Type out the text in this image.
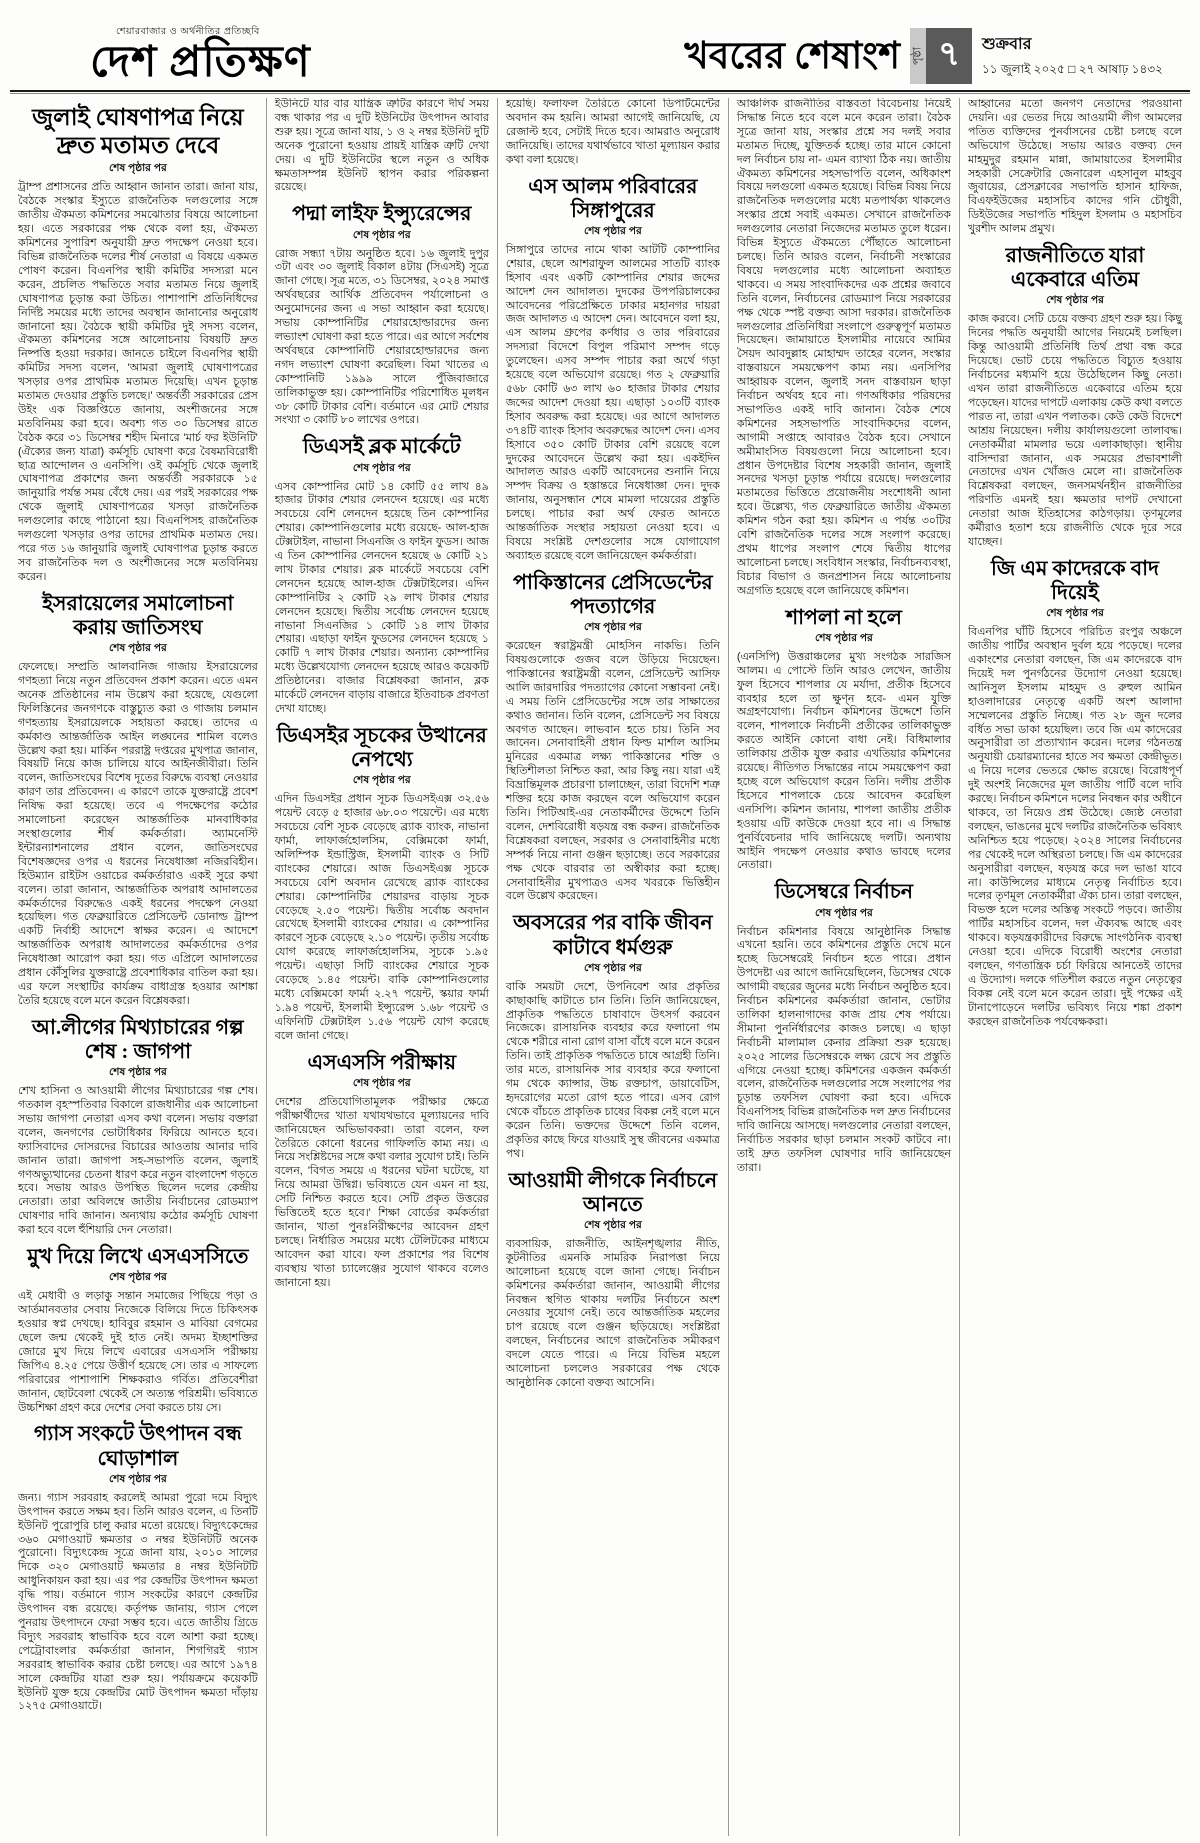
শেয়ারবাজার ও অর্থনীতির প্রতিচ্ছবি
দেশ প্রতিক্ষণ	খবরের শেষাংশ পৃষ্ঠা ৭	শুক্রবার
১১ জুলাই ২০২৫ □ ২৭ আষাঢ় ১৪৩২
জুলাই ঘোষণাপত্র নিয়ে দ্রুত মতামত দেবে
শেষ পৃষ্ঠার পর

ট্রাম্প প্রশাসনের প্রতি আহ্বান জানান তারা। জানা যায়, বৈঠকে সংস্কার ইস্যুতে রাজনৈতিক দলগুলোর সঙ্গে জাতীয় ঐকমত্য কমিশনের সমঝোতার বিষয়ে আলোচনা হয়। এতে সরকারের পক্ষ থেকে বলা হয়, ঐকমত্য কমিশনের সুপারিশ অনুযায়ী দ্রুত পদক্ষেপ নেওয়া হবে। বিভিন্ন রাজনৈতিক দলের শীর্ষ নেতারা এ বিষয়ে একমত পোষণ করেন। বিএনপির স্থায়ী কমিটির সদস্যরা মনে করেন, প্রচলিত পদ্ধতিতে সবার মতামত নিয়ে জুলাই ঘোষণাপত্র চূড়ান্ত করা উচিত। পাশাপাশি প্রতিনিধিদের নির্দিষ্ট সময়ের মধ্যে তাদের অবস্থান জানানোর অনুরোধ জানানো হয়। বৈঠকে স্থায়ী কমিটির দুই সদস্য বলেন, ঐকমত্য কমিশনের সঙ্গে আলোচনায় বিষয়টি দ্রুত নিষ্পত্তি হওয়া দরকার। জানতে চাইলে বিএনপির স্থায়ী কমিটির সদস্য বলেন, 'আমরা জুলাই ঘোষণাপত্রের খসড়ার ওপর প্রাথমিক মতামত দিয়েছি। এখন চূড়ান্ত মতামত দেওয়ার প্রস্তুতি চলছে।' অন্তর্বর্তী সরকারের প্রেস উইং এক বিজ্ঞপ্তিতে জানায়, অংশীজনের সঙ্গে মতবিনিময় করা হবে। অবশ্য গত ৩০ ডিসেম্বর রাতে বৈঠক করে ৩১ ডিসেম্বর শহীদ মিনারে 'মার্চ ফর ইউনিটি' (ঐক্যের জন্য যাত্রা) কর্মসূচি ঘোষণা করে বৈষম্যবিরোধী ছাত্র আন্দোলন ও এনসিপি। ওই কর্মসূচি থেকে জুলাই ঘোষণাপত্র প্রকাশের জন্য অন্তর্বর্তী সরকারকে ১৫ জানুয়ারি পর্যন্ত সময় বেঁধে দেয়। এর পরই সরকারের পক্ষ থেকে জুলাই ঘোষণাপত্রের খসড়া রাজনৈতিক দলগুলোর কাছে পাঠানো হয়। বিএনপিসহ রাজনৈতিক দলগুলো খসড়ার ওপর তাদের প্রাথমিক মতামত দেয়। পরে গত ১৬ জানুয়ারি জুলাই ঘোষণাপত্র চূড়ান্ত করতে সব রাজনৈতিক দল ও অংশীজনের সঙ্গে মতবিনিময় করেন।

ইসরায়েলের সমালোচনা করায় জাতিসংঘ
শেষ পৃষ্ঠার পর

ফেলেছে। সম্প্রতি আলবানিজ গাজায় ইসরায়েলের গণহত্যা নিয়ে নতুন প্রতিবেদন প্রকাশ করেন। এতে এমন অনেক প্রতিষ্ঠানের নাম উল্লেখ করা হয়েছে, যেগুলো ফিলিস্তিনের জনগণকে বাস্তুচ্যুত করা ও গাজায় চলমান গণহত্যায় ইসরায়েলকে সহায়তা করছে। তাদের এ কর্মকাণ্ড আন্তর্জাতিক আইন লঙ্ঘনের শামিল বলেও উল্লেখ করা হয়। মার্কিন পররাষ্ট্র দপ্তরের মুখপাত্র জানান, বিষয়টি নিয়ে কাজ চালিয়ে যাবে আইনজীবীরা। তিনি বলেন, জাতিসংঘের বিশেষ দূতের বিরুদ্ধে ব্যবস্থা নেওয়ার কারণ তার প্রতিবেদন। এ কারণে তাকে যুক্তরাষ্ট্রে প্রবেশ নিষিদ্ধ করা হয়েছে। তবে এ পদক্ষেপের কঠোর সমালোচনা করেছেন আন্তর্জাতিক মানবাধিকার সংস্থাগুলোর শীর্ষ কর্মকর্তারা। অ্যামনেস্টি ইন্টারন্যাশনালের প্রধান বলেন, জাতিসংঘের বিশেষজ্ঞদের ওপর এ ধরনের নিষেধাজ্ঞা নজিরবিহীন। হিউম্যান রাইটস ওয়াচের কর্মকর্তারাও একই সুরে কথা বলেন। তারা জানান, আন্তর্জাতিক অপরাধ আদালতের কর্মকর্তাদের বিরুদ্ধেও একই ধরনের পদক্ষেপ নেওয়া হয়েছিল। গত ফেব্রুয়ারিতে প্রেসিডেন্ট ডোনাল্ড ট্রাম্প একটি নির্বাহী আদেশে স্বাক্ষর করেন। এ আদেশে আন্তর্জাতিক অপরাধ আদালতের কর্মকর্তাদের ওপর নিষেধাজ্ঞা আরোপ করা হয়। গত এপ্রিলে আদালতের প্রধান কৌঁসুলির যুক্তরাষ্ট্রে প্রবেশাধিকার বাতিল করা হয়। এর ফলে সংস্থাটির কার্যক্রম বাধাগ্রস্ত হওয়ার আশঙ্কা তৈরি হয়েছে বলে মনে করেন বিশ্লেষকরা।

আ.লীগের মিথ্যাচারের গল্প শেষ : জাগপা
শেষ পৃষ্ঠার পর

শেখ হাসিনা ও আওয়ামী লীগের মিথ্যাচারের গল্প শেষ। গতকাল বৃহস্পতিবার বিকালে রাজধানীর এক আলোচনা সভায় জাগপা নেতারা এসব কথা বলেন। সভায় বক্তারা বলেন, জনগণের ভোটাধিকার ফিরিয়ে আনতে হবে। ফ্যাসিবাদের দোসরদের বিচারের আওতায় আনার দাবি জানান তারা। জাগপা সহ-সভাপতি বলেন, জুলাই গণঅভ্যুত্থানের চেতনা ধারণ করে নতুন বাংলাদেশ গড়তে হবে। সভায় আরও উপস্থিত ছিলেন দলের কেন্দ্রীয় নেতারা। তারা অবিলম্বে জাতীয় নির্বাচনের রোডম্যাপ ঘোষণার দাবি জানান। অন্যথায় কঠোর কর্মসূচি ঘোষণা করা হবে বলে হুঁশিয়ারি দেন নেতারা।

মুখ দিয়ে লিখে এসএসসিতে
শেষ পৃষ্ঠার পর

এই মেধাবী ও লড়াকু সন্তান সমাজের পিছিয়ে পড়া ও আর্তমানবতার সেবায় নিজেকে বিলিয়ে দিতে চিকিৎসক হওয়ার স্বপ্ন দেখছে। হাবিবুর রহমান ও মাবিয়া বেগমের ছেলে জন্ম থেকেই দুই হাত নেই। অদম্য ইচ্ছাশক্তির জোরে মুখ দিয়ে লিখে এবারের এসএসসি পরীক্ষায় জিপিএ ৪.২৫ পেয়ে উত্তীর্ণ হয়েছে সে। তার এ সাফল্যে পরিবারের পাশাপাশি শিক্ষকরাও গর্বিত। প্রতিবেশীরা জানান, ছোটবেলা থেকেই সে অত্যন্ত পরিশ্রমী। ভবিষ্যতে উচ্চশিক্ষা গ্রহণ করে দেশের সেবা করতে চায় সে।

গ্যাস সংকটে উৎপাদন বন্ধ ঘোড়াশাল
শেষ পৃষ্ঠার পর

জন্য। গ্যাস সরবরাহ করলেই আমরা পুরো দমে বিদ্যুৎ উৎপাদন করতে সক্ষম হব। তিনি আরও বলেন, এ তিনটি ইউনিট পুরোপুরি চালু করার মতো রয়েছে। বিদ্যুৎকেন্দ্রের ৩৬০ মেগাওয়াট ক্ষমতার ৩ নম্বর ইউনিটটি অনেক পুরোনো। বিদ্যুৎকেন্দ্র সূত্রে জানা যায়, ২০১০ সালের দিকে ৩২০ মেগাওয়াট ক্ষমতার ৪ নম্বর ইউনিটটি আধুনিকায়ন করা হয়। এর পর কেন্দ্রটির উৎপাদন ক্ষমতা বৃদ্ধি পায়। বর্তমানে গ্যাস সংকটের কারণে কেন্দ্রটির উৎপাদন বন্ধ রয়েছে। কর্তৃপক্ষ জানায়, গ্যাস পেলে পুনরায় উৎপাদনে ফেরা সম্ভব হবে। এতে জাতীয় গ্রিডে বিদ্যুৎ সরবরাহ স্বাভাবিক হবে বলে আশা করা হচ্ছে। পেট্রোবাংলার কর্মকর্তারা জানান, শিগগিরই গ্যাস সরবরাহ স্বাভাবিক করার চেষ্টা চলছে। এর আগে ১৯৭৪ সালে কেন্দ্রটির যাত্রা শুরু হয়। পর্যায়ক্রমে কয়েকটি ইউনিট যুক্ত হয়ে কেন্দ্রটির মোট উৎপাদন ক্ষমতা দাঁড়ায় ১২৭৫ মেগাওয়াটে।

ইউনিটে যার বার যান্ত্রিক ত্রুটির কারণে দীর্ঘ সময় বন্ধ থাকার পর এ দুটি ইউনিটের উৎপাদন আবার শুরু হয়। সূত্রে জানা যায়, ১ ও ২ নম্বর ইউনিট দুটি অনেক পুরোনো হওয়ায় প্রায়ই যান্ত্রিক ত্রুটি দেখা দেয়। এ দুটি ইউনিটের স্থলে নতুন ও অধিক ক্ষমতাসম্পন্ন ইউনিট স্থাপন করার পরিকল্পনা রয়েছে।

পদ্মা লাইফ ইন্স্যুরেন্সের
শেষ পৃষ্ঠার পর

রোজ সন্ধ্যা ৭টায় অনুষ্ঠিত হবে। ১৬ জুলাই দুপুর ৩টা এবং ৩০ জুলাই বিকাল ৪টায় (সিএসই) সূত্রে জানা গেছে। সূত্র মতে, ৩১ ডিসেম্বর, ২০২৪ সমাপ্ত অর্থবছরের আর্থিক প্রতিবেদন পর্যালোচনা ও অনুমোদনের জন্য এ সভা আহ্বান করা হয়েছে। সভায় কোম্পানিটির শেয়ারহোল্ডারদের জন্য লভ্যাংশ ঘোষণা করা হতে পারে। এর আগে সর্বশেষ অর্থবছরে কোম্পানিটি শেয়ারহোল্ডারদের জন্য নগদ লভ্যাংশ ঘোষণা করেছিল। বিমা খাতের এ কোম্পানিটি ১৯৯৯ সালে পুঁজিবাজারে তালিকাভুক্ত হয়। কোম্পানিটির পরিশোধিত মূলধন ৩৮ কোটি টাকার বেশি। বর্তমানে এর মোট শেয়ার সংখ্যা ৩ কোটি ৮০ লাখের ওপরে।

ডিএসই ব্লক মার্কেটে
শেষ পৃষ্ঠার পর

এসব কোম্পানির মোট ১৪ কোটি ৫৫ লাখ ৪৯ হাজার টাকার শেয়ার লেনদেন হয়েছে। এর মধ্যে সবচেয়ে বেশি লেনদেন হয়েছে তিন কোম্পানির শেয়ার। কোম্পানিগুলোর মধ্যে রয়েছে- আল-হাজ টেক্সটাইল, নাভানা সিএনজি ও ফাইন ফুডস। আজ এ তিন কোম্পানির লেনদেন হয়েছে ৬ কোটি ২১ লাখ টাকার শেয়ার। ব্লক মার্কেটে সবচেয়ে বেশি লেনদেন হয়েছে আল-হাজ টেক্সটাইলের। এদিন কোম্পানিটির ২ কোটি ২৯ লাখ টাকার শেয়ার লেনদেন হয়েছে। দ্বিতীয় সর্বোচ্চ লেনদেন হয়েছে নাভানা সিএনজির ১ কোটি ১৪ লাখ টাকার শেয়ার। এছাড়া ফাইন ফুডসের লেনদেন হয়েছে ১ কোটি ৭ লাখ টাকার শেয়ার। অন্যান্য কোম্পানির মধ্যে উল্লেখযোগ্য লেনদেন হয়েছে আরও কয়েকটি প্রতিষ্ঠানের। বাজার বিশ্লেষকরা জানান, ব্লক মার্কেটে লেনদেন বাড়ায় বাজারে ইতিবাচক প্রবণতা দেখা যাচ্ছে।

ডিএসইর সূচকের উত্থানের নেপথ্যে
শেষ পৃষ্ঠার পর

এদিন ডিএসইর প্রধান সূচক ডিএসইএক্স ৩২.৫৬ পয়েন্ট বেড়ে ৫ হাজার ৬৮.০৩ পয়েন্টে। এর মধ্যে সবচেয়ে বেশি সূচক বেড়েছে ব্র্যাক ব্যাংক, নাভানা ফার্মা, লাফার্জহোলসিম, বেক্সিমকো ফার্মা, অলিম্পিক ইন্ডাস্ট্রিজ, ইসলামী ব্যাংক ও সিটি ব্যাংকের শেয়ারে। আজ ডিএসইএক্স সূচকে সবচেয়ে বেশি অবদান রেখেছে ব্র্যাক ব্যাংকের শেয়ার। কোম্পানিটির শেয়ারদর বাড়ায় সূচক বেড়েছে ২.৫০ পয়েন্ট। দ্বিতীয় সর্বোচ্চ অবদান রেখেছে ইসলামী ব্যাংকের শেয়ার। এ কোম্পানির কারণে সূচক বেড়েছে ২.১০ পয়েন্ট। তৃতীয় সর্বোচ্চ যোগ করেছে লাফার্জহোলসিম, সূচকে ১.৯৫ পয়েন্ট। এছাড়া সিটি ব্যাংকের শেয়ারে সূচক বেড়েছে ১.৪৫ পয়েন্ট। বাকি কোম্পানিগুলোর মধ্যে বেক্সিমকো ফার্মা ২.২৭ পয়েন্ট, স্কয়ার ফার্মা ১.৯৪ পয়েন্ট, ইসলামী ইন্স্যুরেন্স ১.৬৮ পয়েন্ট ও এফিনিটি টেক্সটাইল ১.৫৬ পয়েন্ট যোগ করেছে বলে জানা গেছে।

এসএসসি পরীক্ষায়
শেষ পৃষ্ঠার পর

দেশের প্রতিযোগিতামূলক পরীক্ষার ক্ষেত্রে পরীক্ষার্থীদের খাতা যথাযথভাবে মূল্যায়নের দাবি জানিয়েছেন অভিভাবকরা। তারা বলেন, ফল তৈরিতে কোনো ধরনের গাফিলতি কাম্য নয়। এ নিয়ে সংশ্লিষ্টদের সঙ্গে কথা বলার সুযোগ চাই। তিনি বলেন, 'বিগত সময়ে এ ধরনের ঘটনা ঘটেছে, যা নিয়ে আমরা উদ্বিগ্ন। ভবিষ্যতে যেন এমন না হয়, সেটি নিশ্চিত করতে হবে। সেটি প্রকৃত উত্তরের ভিত্তিতেই হতে হবে।' শিক্ষা বোর্ডের কর্মকর্তারা জানান, খাতা পুনঃনিরীক্ষণের আবেদন গ্রহণ চলছে। নির্ধারিত সময়ের মধ্যে টেলিটকের মাধ্যমে আবেদন করা যাবে। ফল প্রকাশের পর বিশেষ ব্যবস্থায় খাতা চ্যালেঞ্জের সুযোগ থাকবে বলেও জানানো হয়।

হয়েছি। ফলাফল তৈরিতে কোনো ডিপার্টমেন্টের অবদান কম হয়নি। আমরা আগেই জানিয়েছি, যে রেজাল্ট হবে, সেটাই দিতে হবে। আমরাও অনুরোধ জানিয়েছি। তাদের যথার্থভাবে খাতা মূল্যায়ন করার কথা বলা হয়েছে।

এস আলম পরিবারের সিঙ্গাপুরের
শেষ পৃষ্ঠার পর

সিঙ্গাপুরে তাদের নামে থাকা আটটি কোম্পানির শেয়ার, ছেলে আশরাফুল আলমের সাতটি ব্যাংক হিসাব এবং একটি কোম্পানির শেয়ার জব্দের আদেশ দেন আদালত। দুদকের উপপরিচালকের আবেদনের পরিপ্রেক্ষিতে ঢাকার মহানগর দায়রা জজ আদালত এ আদেশ দেন। আবেদনে বলা হয়, এস আলম গ্রুপের কর্ণধার ও তার পরিবারের সদস্যরা বিদেশে বিপুল পরিমাণ সম্পদ গড়ে তুলেছেন। এসব সম্পদ পাচার করা অর্থে গড়া হয়েছে বলে অভিযোগ রয়েছে। গত ২ ফেব্রুয়ারি ৫৬৮ কোটি ৬৩ লাখ ৬০ হাজার টাকার শেয়ার জব্দের আদেশ দেওয়া হয়। এছাড়া ১০৩টি ব্যাংক হিসাব অবরুদ্ধ করা হয়েছে। এর আগে আদালত ৩৭৪টি ব্যাংক হিসাব অবরুদ্ধের আদেশ দেন। এসব হিসাবে ৩৫০ কোটি টাকার বেশি রয়েছে বলে দুদকের আবেদনে উল্লেখ করা হয়। একইদিন আদালত আরও একটি আবেদনের শুনানি নিয়ে সম্পদ বিক্রয় ও হস্তান্তরে নিষেধাজ্ঞা দেন। দুদক জানায়, অনুসন্ধান শেষে মামলা দায়েরের প্রস্তুতি চলছে। পাচার করা অর্থ ফেরত আনতে আন্তর্জাতিক সংস্থার সহায়তা নেওয়া হবে। এ বিষয়ে সংশ্লিষ্ট দেশগুলোর সঙ্গে যোগাযোগ অব্যাহত রয়েছে বলে জানিয়েছেন কর্মকর্তারা।

পাকিস্তানের প্রেসিডেন্টের পদত্যাগের
শেষ পৃষ্ঠার পর

করেছেন স্বরাষ্ট্রমন্ত্রী মোহসিন নাকভি। তিনি বিষয়গুলোকে গুজব বলে উড়িয়ে দিয়েছেন। পাকিস্তানের স্বরাষ্ট্রমন্ত্রী বলেন, প্রেসিডেন্ট আসিফ আলি জারদারির পদত্যাগের কোনো সম্ভাবনা নেই। এ সময় তিনি প্রেসিডেন্টের সঙ্গে তার সাক্ষাতের কথাও জানান। তিনি বলেন, প্রেসিডেন্ট সব বিষয়ে অবগত আছেন। লাভবান হতে চায়। তিনি সব জানেন। সেনাবাহিনী প্রধান ফিল্ড মার্শাল আসিম মুনিরের একমাত্র লক্ষ্য পাকিস্তানের শক্তি ও স্থিতিশীলতা নিশ্চিত করা, আর কিছু নয়। যারা এই বিভ্রান্তিমূলক প্রচারণা চালাচ্ছেন, তারা বিদেশি শত্রু শক্তির হয়ে কাজ করছেন বলে অভিযোগ করেন তিনি। পিটিআই-এর নেতাকর্মীদের উদ্দেশে তিনি বলেন, দেশবিরোধী ষড়যন্ত্র বন্ধ করুন। রাজনৈতিক বিশ্লেষকরা বলছেন, সরকার ও সেনাবাহিনীর মধ্যে সম্পর্ক নিয়ে নানা গুঞ্জন ছড়াচ্ছে। তবে সরকারের পক্ষ থেকে বারবার তা অস্বীকার করা হচ্ছে। সেনাবাহিনীর মুখপাত্রও এসব খবরকে ভিত্তিহীন বলে উল্লেখ করেছেন।

অবসরের পর বাকি জীবন কাটাবে ধর্মগুরু
শেষ পৃষ্ঠার পর

বাকি সময়টা দেশে, উপনিবেশ আর প্রকৃতির কাছাকাছি কাটাতে চান তিনি। তিনি জানিয়েছেন, প্রাকৃতিক পদ্ধতিতে চাষাবাদে উৎসর্গ করবেন নিজেকে। রাসায়নিক ব্যবহার করে ফলানো গম থেকে শরীরে নানা রোগ বাসা বাঁধে বলে মনে করেন তিনি। তাই প্রাকৃতিক পদ্ধতিতে চাষে আগ্রহী তিনি। তার মতে, রাসায়নিক সার ব্যবহার করে ফলানো গম থেকে ক্যান্সার, উচ্চ রক্তচাপ, ডায়াবেটিস, হৃদরোগের মতো রোগ হতে পারে। এসব রোগ থেকে বাঁচতে প্রাকৃতিক চাষের বিকল্প নেই বলে মনে করেন তিনি। ভক্তদের উদ্দেশে তিনি বলেন, প্রকৃতির কাছে ফিরে যাওয়াই সুস্থ জীবনের একমাত্র পথ।

আওয়ামী লীগকে নির্বাচনে আনতে
শেষ পৃষ্ঠার পর

ব্যবসায়িক, রাজনীতি, আইনশৃঙ্খলার নীতি, কূটনীতির এমনকি সামরিক নিরাপত্তা নিয়ে আলোচনা হয়েছে বলে জানা গেছে। নির্বাচন কমিশনের কর্মকর্তারা জানান, আওয়ামী লীগের নিবন্ধন স্থগিত থাকায় দলটির নির্বাচনে অংশ নেওয়ার সুযোগ নেই। তবে আন্তর্জাতিক মহলের চাপ রয়েছে বলে গুঞ্জন ছড়িয়েছে। সংশ্লিষ্টরা বলছেন, নির্বাচনের আগে রাজনৈতিক সমীকরণ বদলে যেতে পারে। এ নিয়ে বিভিন্ন মহলে আলোচনা চললেও সরকারের পক্ষ থেকে আনুষ্ঠানিক কোনো বক্তব্য আসেনি।

আঞ্চলিক রাজনীতির বাস্তবতা বিবেচনায় নিয়েই সিদ্ধান্ত নিতে হবে বলে মনে করেন তারা। বৈঠক সূত্রে জানা যায়, সংস্কার প্রশ্নে সব দলই সবার মতামত দিচ্ছে, যুক্তিতর্ক হচ্ছে। তার মানে কোনো দল নির্বাচন চায় না- এমন ব্যাখ্যা ঠিক নয়। জাতীয় ঐকমত্য কমিশনের সহসভাপতি বলেন, অধিকাংশ বিষয়ে দলগুলো একমত হয়েছে। বিভিন্ন বিষয় নিয়ে রাজনৈতিক দলগুলোর মধ্যে মতপার্থক্য থাকলেও সংস্কার প্রশ্নে সবাই একমত। সেখানে রাজনৈতিক দলগুলোর নেতারা নিজেদের মতামত তুলে ধরেন। বিভিন্ন ইস্যুতে ঐকমত্যে পৌঁছাতে আলোচনা চলছে। তিনি আরও বলেন, নির্বাচনী সংস্কারের বিষয়ে দলগুলোর মধ্যে আলোচনা অব্যাহত থাকবে। এ সময় সাংবাদিকদের এক প্রশ্নের জবাবে তিনি বলেন, নির্বাচনের রোডম্যাপ নিয়ে সরকারের পক্ষ থেকে স্পষ্ট বক্তব্য আসা দরকার। রাজনৈতিক দলগুলোর প্রতিনিধিরা সংলাপে গুরুত্বপূর্ণ মতামত দিয়েছেন। জামায়াতে ইসলামীর নায়েবে আমির সৈয়দ আবদুল্লাহ মোহাম্মদ তাহের বলেন, সংস্কার বাস্তবায়নে সময়ক্ষেপণ কাম্য নয়। এনসিপির আহ্বায়ক বলেন, জুলাই সনদ বাস্তবায়ন ছাড়া নির্বাচন অর্থবহ হবে না। গণঅধিকার পরিষদের সভাপতিও একই দাবি জানান। বৈঠক শেষে কমিশনের সহসভাপতি সাংবাদিকদের বলেন, আগামী সপ্তাহে আবারও বৈঠক হবে। সেখানে অমীমাংসিত বিষয়গুলো নিয়ে আলোচনা হবে। প্রধান উপদেষ্টার বিশেষ সহকারী জানান, জুলাই সনদের খসড়া চূড়ান্ত পর্যায়ে রয়েছে। দলগুলোর মতামতের ভিত্তিতে প্রয়োজনীয় সংশোধনী আনা হবে। উল্লেখ্য, গত ফেব্রুয়ারিতে জাতীয় ঐকমত্য কমিশন গঠন করা হয়। কমিশন এ পর্যন্ত ৩০টির বেশি রাজনৈতিক দলের সঙ্গে সংলাপ করেছে। প্রথম ধাপের সংলাপ শেষে দ্বিতীয় ধাপের আলোচনা চলছে। সংবিধান সংস্কার, নির্বাচনব্যবস্থা, বিচার বিভাগ ও জনপ্রশাসন নিয়ে আলোচনায় অগ্রগতি হয়েছে বলে জানিয়েছে কমিশন।

শাপলা না হলে
শেষ পৃষ্ঠার পর

(এনসিপি) উত্তরাঞ্চলের মুখ্য সংগঠক সারজিস আলম। এ পোস্টে তিনি আরও লেখেন, জাতীয় ফুল হিসেবে শাপলার যে মর্যাদা, প্রতীক হিসেবে ব্যবহার হলে তা ক্ষুণ্ন হবে- এমন যুক্তি অগ্রহণযোগ্য। নির্বাচন কমিশনের উদ্দেশে তিনি বলেন, শাপলাকে নির্বাচনী প্রতীকের তালিকাভুক্ত করতে আইনি কোনো বাধা নেই। বিধিমালার তালিকায় প্রতীক যুক্ত করার এখতিয়ার কমিশনের রয়েছে। নীতিগত সিদ্ধান্তের নামে সময়ক্ষেপণ করা হচ্ছে বলে অভিযোগ করেন তিনি। দলীয় প্রতীক হিসেবে শাপলাকে চেয়ে আবেদন করেছিল এনসিপি। কমিশন জানায়, শাপলা জাতীয় প্রতীক হওয়ায় এটি কাউকে দেওয়া হবে না। এ সিদ্ধান্ত পুনর্বিবেচনার দাবি জানিয়েছে দলটি। অন্যথায় আইনি পদক্ষেপ নেওয়ার কথাও ভাবছে দলের নেতারা।

ডিসেম্বরে নির্বাচন
শেষ পৃষ্ঠার পর

নির্বাচন কমিশনার বিষয়ে আনুষ্ঠানিক সিদ্ধান্ত এখনো হয়নি। তবে কমিশনের প্রস্তুতি দেখে মনে হচ্ছে ডিসেম্বরেই নির্বাচন হতে পারে। প্রধান উপদেষ্টা এর আগে জানিয়েছিলেন, ডিসেম্বর থেকে আগামী বছরের জুনের মধ্যে নির্বাচন অনুষ্ঠিত হবে। নির্বাচন কমিশনের কর্মকর্তারা জানান, ভোটার তালিকা হালনাগাদের কাজ প্রায় শেষ পর্যায়ে। সীমানা পুনর্নির্ধারণের কাজও চলছে। এ ছাড়া নির্বাচনী মালামাল কেনার প্রক্রিয়া শুরু হয়েছে। ২০২৫ সালের ডিসেম্বরকে লক্ষ্য রেখে সব প্রস্তুতি এগিয়ে নেওয়া হচ্ছে। কমিশনের একজন কর্মকর্তা বলেন, রাজনৈতিক দলগুলোর সঙ্গে সংলাপের পর চূড়ান্ত তফসিল ঘোষণা করা হবে। এদিকে বিএনপিসহ বিভিন্ন রাজনৈতিক দল দ্রুত নির্বাচনের দাবি জানিয়ে আসছে। দলগুলোর নেতারা বলছেন, নির্বাচিত সরকার ছাড়া চলমান সংকট কাটবে না। তাই দ্রুত তফসিল ঘোষণার দাবি জানিয়েছেন তারা।

আহ্বানের মতো জনগণ নেতাদের পরওয়ানা দেয়নি। এর ভেতর দিয়ে আওয়ামী লীগ আমলের পতিত ব্যক্তিদের পুনর্বাসনের চেষ্টা চলছে বলে অভিযোগ উঠেছে। সভায় আরও বক্তব্য দেন মাহমুদুর রহমান মান্না, জামায়াতের ইসলামীর সহকারী সেক্রেটারি জেনারেল এহসানুল মাহবুব জুবায়ের, প্রেসক্লাবের সভাপতি হাসান হাফিজ, বিএফইউজের মহাসচিব কাদের গনি চৌধুরী, ডিইউজের সভাপতি শহিদুল ইসলাম ও মহাসচিব খুরশীদ আলম প্রমুখ।

রাজনীতিতে যারা একেবারে এতিম
শেষ পৃষ্ঠার পর

কাজ করবে। সেটি চেয়ে বক্তব্য গ্রহণ শুরু হয়। কিছু দিনের পদ্ধতি অনুযায়ী আগের নিয়মেই চলছিল। কিন্তু আওয়ামী প্রতিনিধি তির্থ প্রথা বন্ধ করে দিয়েছে। ভোট চেয়ে পদ্ধতিতে বিচ্যুত হওয়ায় নির্বাচনের মধ্যমণি হয়ে উঠেছিলেন কিছু নেতা। এখন তারা রাজনীতিতে একেবারে এতিম হয়ে পড়েছেন। যাদের দাপটে এলাকায় কেউ কথা বলতে পারত না, তারা এখন পলাতক। কেউ কেউ বিদেশে আশ্রয় নিয়েছেন। দলীয় কার্যালয়গুলো তালাবদ্ধ। নেতাকর্মীরা মামলার ভয়ে এলাকাছাড়া। স্থানীয় বাসিন্দারা জানান, এক সময়ের প্রভাবশালী নেতাদের এখন খোঁজও মেলে না। রাজনৈতিক বিশ্লেষকরা বলছেন, জনসমর্থনহীন রাজনীতির পরিণতি এমনই হয়। ক্ষমতার দাপট দেখানো নেতারা আজ ইতিহাসের কাঠগড়ায়। তৃণমূলের কর্মীরাও হতাশ হয়ে রাজনীতি থেকে দূরে সরে যাচ্ছেন।

জি এম কাদেরকে বাদ দিয়েই
শেষ পৃষ্ঠার পর

বিএনপির ঘাঁটি হিসেবে পরিচিত রংপুর অঞ্চলে জাতীয় পার্টির অবস্থান দুর্বল হয়ে পড়েছে। দলের একাংশের নেতারা বলছেন, জি এম কাদেরকে বাদ দিয়েই দল পুনর্গঠনের উদ্যোগ নেওয়া হয়েছে। আনিসুল ইসলাম মাহমুদ ও রুহুল আমিন হাওলাদারের নেতৃত্বে একটি অংশ আলাদা সম্মেলনের প্রস্তুতি নিচ্ছে। গত ২৮ জুন দলের বর্ধিত সভা ডাকা হয়েছিল। তবে জি এম কাদেরের অনুসারীরা তা প্রত্যাখ্যান করেন। দলের গঠনতন্ত্র অনুযায়ী চেয়ারম্যানের হাতে সব ক্ষমতা কেন্দ্রীভূত। এ নিয়ে দলের ভেতরে ক্ষোভ রয়েছে। বিরোধপূর্ণ দুই অংশই নিজেদের মূল জাতীয় পার্টি বলে দাবি করছে। নির্বাচন কমিশনে দলের নিবন্ধন কার অধীনে থাকবে, তা নিয়েও প্রশ্ন উঠেছে। জ্যেষ্ঠ নেতারা বলছেন, ভাঙনের মুখে দলটির রাজনৈতিক ভবিষ্যৎ অনিশ্চিত হয়ে পড়েছে। ২০২৪ সালের নির্বাচনের পর থেকেই দলে অস্থিরতা চলছে। জি এম কাদেরের অনুসারীরা বলছেন, ষড়যন্ত্র করে দল ভাঙা যাবে না। কাউন্সিলের মাধ্যমে নেতৃত্ব নির্বাচিত হবে। দলের তৃণমূল নেতাকর্মীরা ঐক্য চান। তারা বলছেন, বিভক্ত হলে দলের অস্তিত্ব সংকটে পড়বে। জাতীয় পার্টির মহাসচিব বলেন, দল ঐক্যবদ্ধ আছে এবং থাকবে। ষড়যন্ত্রকারীদের বিরুদ্ধে সাংগঠনিক ব্যবস্থা নেওয়া হবে। এদিকে বিরোধী অংশের নেতারা বলছেন, গণতান্ত্রিক চর্চা ফিরিয়ে আনতেই তাদের এ উদ্যোগ। দলকে গতিশীল করতে নতুন নেতৃত্বের বিকল্প নেই বলে মনে করেন তারা। দুই পক্ষের এই টানাপোড়েনে দলটির ভবিষ্যৎ নিয়ে শঙ্কা প্রকাশ করছেন রাজনৈতিক পর্যবেক্ষকরা।
